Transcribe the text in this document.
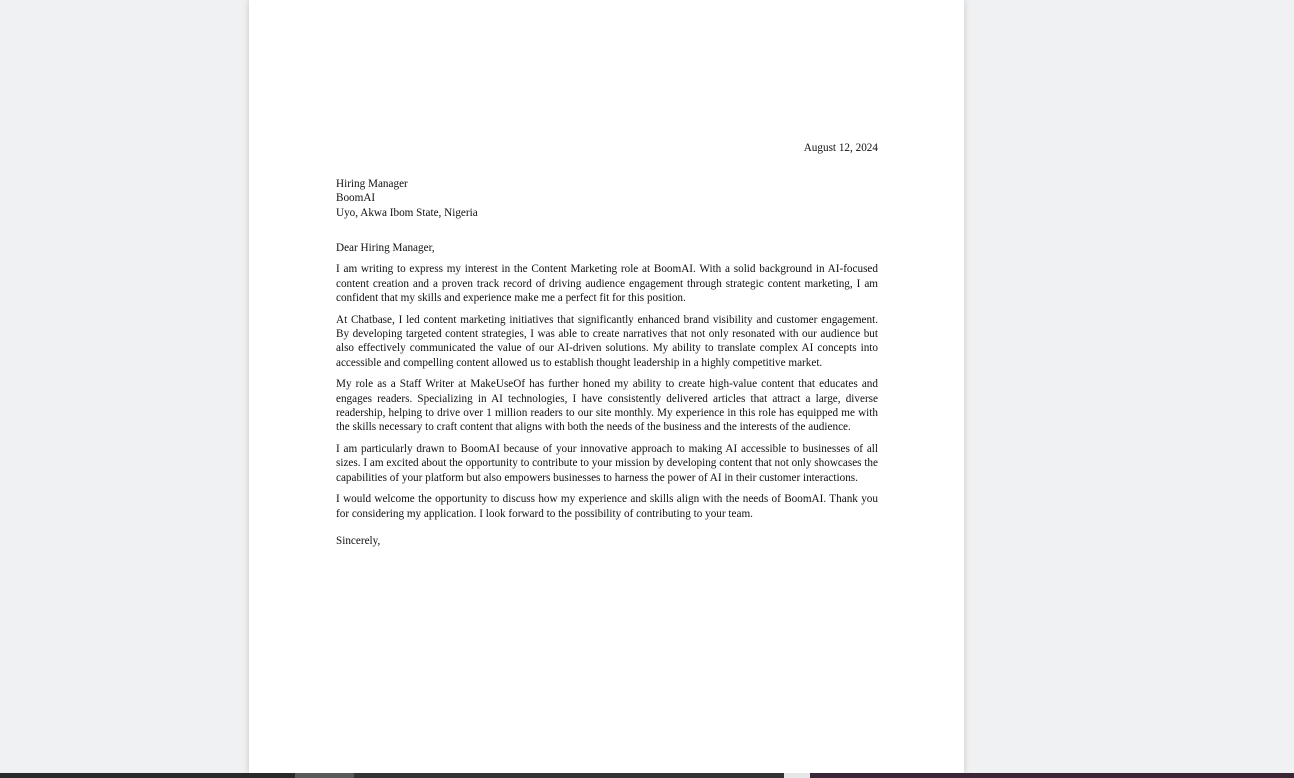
August 12, 2024
Hiring Manager
BoomAI
Uyo, Akwa Ibom State, Nigeria
Dear Hiring Manager,
I am writing to express my interest in the Content Marketing role at BoomAI. With a solid background in AI-focused content creation and a proven track record of driving audience engagement through strategic content marketing, I am confident that my skills and experience make me a perfect fit for this position.
At Chatbase, I led content marketing initiatives that significantly enhanced brand visibility and customer engagement. By developing targeted content strategies, I was able to create narratives that not only resonated with our audience but also effectively communicated the value of our AI-driven solutions. My ability to translate complex AI concepts into accessible and compelling content allowed us to establish thought leadership in a highly competitive market.
My role as a Staff Writer at MakeUseOf has further honed my ability to create high-value content that educates and engages readers. Specializing in AI technologies, I have consistently delivered articles that attract a large, diverse readership, helping to drive over 1 million readers to our site monthly. My experience in this role has equipped me with the skills necessary to craft content that aligns with both the needs of the business and the interests of the audience.
I am particularly drawn to BoomAI because of your innovative approach to making AI accessible to businesses of all sizes. I am excited about the opportunity to contribute to your mission by developing content that not only showcases the capabilities of your platform but also empowers businesses to harness the power of AI in their customer interactions.
I would welcome the opportunity to discuss how my experience and skills align with the needs of BoomAI. Thank you for considering my application. I look forward to the possibility of contributing to your team.
Sincerely,
